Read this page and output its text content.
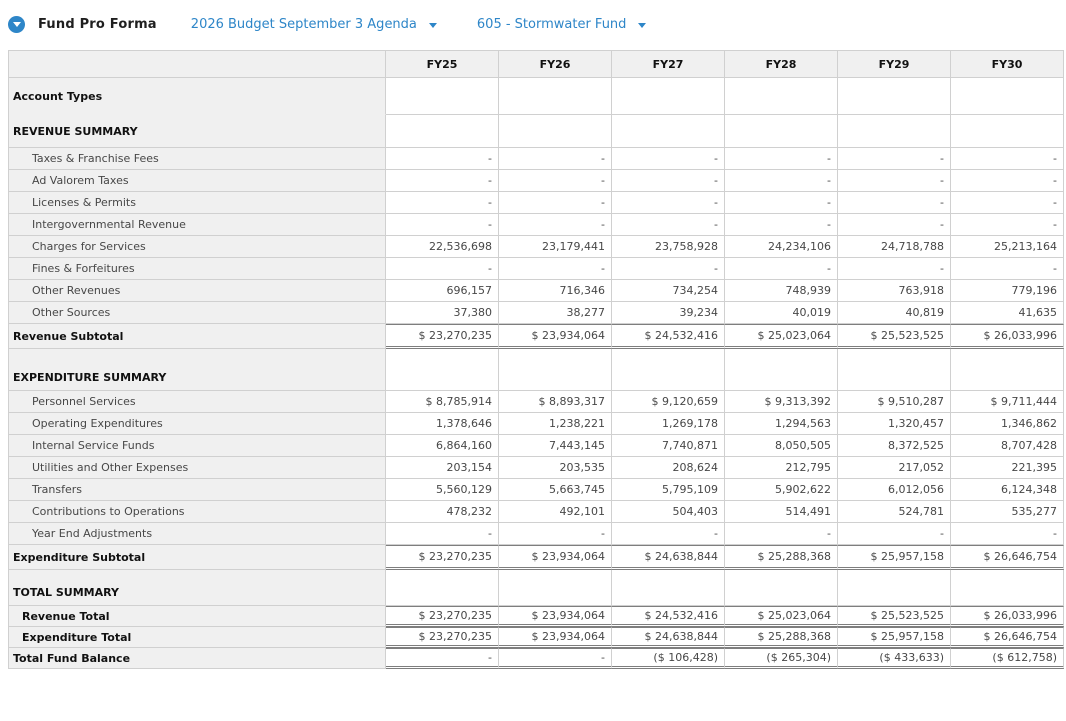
Fund Pro Forma	2026 Budget September 3 Agenda	605 - Stormwater Fund
	FY25	FY26	FY27	FY28	FY29	FY30
Account Types						
REVENUE SUMMARY						
Taxes & Franchise Fees	-	-	-	-	-	-
Ad Valorem Taxes	-	-	-	-	-	-
Licenses & Permits	-	-	-	-	-	-
Intergovernmental Revenue	-	-	-	-	-	-
Charges for Services	22,536,698	23,179,441	23,758,928	24,234,106	24,718,788	25,213,164
Fines & Forfeitures	-	-	-	-	-	-
Other Revenues	696,157	716,346	734,254	748,939	763,918	779,196
Other Sources	37,380	38,277	39,234	40,019	40,819	41,635
Revenue Subtotal	$ 23,270,235	$ 23,934,064	$ 24,532,416	$ 25,023,064	$ 25,523,525	$ 26,033,996
EXPENDITURE SUMMARY						
Personnel Services	$ 8,785,914	$ 8,893,317	$ 9,120,659	$ 9,313,392	$ 9,510,287	$ 9,711,444
Operating Expenditures	1,378,646	1,238,221	1,269,178	1,294,563	1,320,457	1,346,862
Internal Service Funds	6,864,160	7,443,145	7,740,871	8,050,505	8,372,525	8,707,428
Utilities and Other Expenses	203,154	203,535	208,624	212,795	217,052	221,395
Transfers	5,560,129	5,663,745	5,795,109	5,902,622	6,012,056	6,124,348
Contributions to Operations	478,232	492,101	504,403	514,491	524,781	535,277
Year End Adjustments	-	-	-	-	-	-
Expenditure Subtotal	$ 23,270,235	$ 23,934,064	$ 24,638,844	$ 25,288,368	$ 25,957,158	$ 26,646,754
TOTAL SUMMARY						
Revenue Total	$ 23,270,235	$ 23,934,064	$ 24,532,416	$ 25,023,064	$ 25,523,525	$ 26,033,996
Expenditure Total	$ 23,270,235	$ 23,934,064	$ 24,638,844	$ 25,288,368	$ 25,957,158	$ 26,646,754
Total Fund Balance	-	-	($ 106,428)	($ 265,304)	($ 433,633)	($ 612,758)
